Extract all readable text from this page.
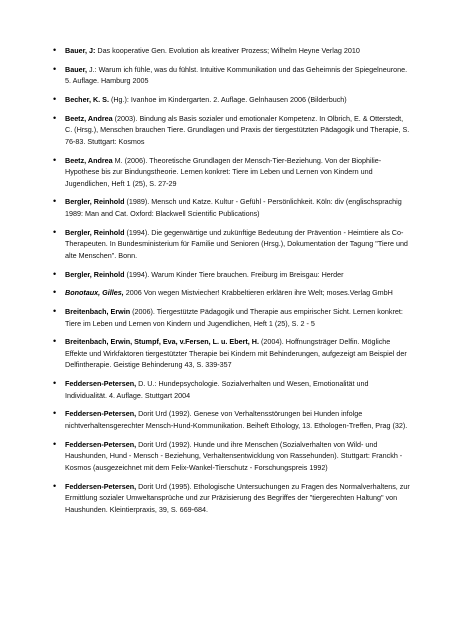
• Bauer, J: Das kooperative Gen. Evolution als kreativer Prozess; Wilhelm Heyne Verlag 2010
• Bauer, J.: Warum ich fühle, was du fühlst. Intuitive Kommunikation und das Geheimnis der Spiegelneurone. 5. Auflage. Hamburg 2005
• Becher, K. S. (Hg.): Ivanhoe im Kindergarten. 2. Auflage. Gelnhausen 2006 (Bilderbuch)
• Beetz, Andrea (2003). Bindung als Basis sozialer und emotionaler Kompetenz. In Olbrich, E. & Otterstedt, C. (Hrsg.), Menschen brauchen Tiere. Grundlagen und Praxis der tiergestützten Pädagogik und Therapie, S. 76-83. Stuttgart: Kosmos
• Beetz, Andrea M. (2006). Theoretische Grundlagen der Mensch-Tier-Beziehung. Von der Biophilie-Hypothese bis zur Bindungstheorie. Lernen konkret: Tiere im Leben und Lernen von Kindern und Jugendlichen, Heft 1 (25), S. 27-29
• Bergler, Reinhold (1989). Mensch und Katze. Kultur - Gefühl - Persönlichkeit. Köln: div (englischsprachig 1989: Man and Cat. Oxford: Blackwell Scientific Publications)
• Bergler, Reinhold (1994). Die gegenwärtige und zukünftige Bedeutung der Prävention - Heimtiere als Co-Therapeuten. In Bundesministerium für Familie und Senioren (Hrsg.), Dokumentation der Tagung "Tiere und alte Menschen". Bonn.
• Bergler, Reinhold (1994). Warum Kinder Tiere brauchen. Freiburg im Breisgau: Herder
• Bonotaux, Gilles, 2006 Von wegen Mistviecher! Krabbeltieren erklären ihre Welt; moses.Verlag GmbH
• Breitenbach, Erwin (2006). Tiergestützte Pädagogik und Therapie aus empirischer Sicht. Lernen konkret: Tiere im Leben und Lernen von Kindern und Jugendlichen, Heft 1 (25), S. 2 - 5
• Breitenbach, Erwin, Stumpf, Eva, v.Fersen, L. u. Ebert, H. (2004). Hoffnungsträger Delfin. Mögliche Effekte und Wirkfaktoren tiergestützter Therapie bei Kindern mit Behinderungen, aufgezeigt am Beispiel der Delfintherapie. Geistige Behinderung 43, S. 339-357
• Feddersen-Petersen, D. U.: Hundepsychologie. Sozialverhalten und Wesen, Emotionalität und Individualität. 4. Auflage. Stuttgart 2004
• Feddersen-Petersen, Dorit Urd (1992). Genese von Verhaltensstörungen bei Hunden infolge nichtverhaltensgerechter Mensch-Hund-Kommunikation. Beiheft Ethology, 13. Ethologen-Treffen, Prag (32).
• Feddersen-Petersen, Dorit Urd (1992). Hunde und ihre Menschen (Sozialverhalten von Wild- und Haushunden, Hund - Mensch - Beziehung, Verhaltensentwicklung von Rassehunden). Stuttgart: Franckh - Kosmos (ausgezeichnet mit dem Felix-Wankel-Tierschutz - Forschungspreis 1992)
• Feddersen-Petersen, Dorit Urd (1995). Ethologische Untersuchungen zu Fragen des Normalverhaltens, zur Ermittlung sozialer Umweltansprüche und zur Präzisierung des Begriffes der "tiergerechten Haltung" von Haushunden. Kleintierpraxis, 39, S. 669-684.
